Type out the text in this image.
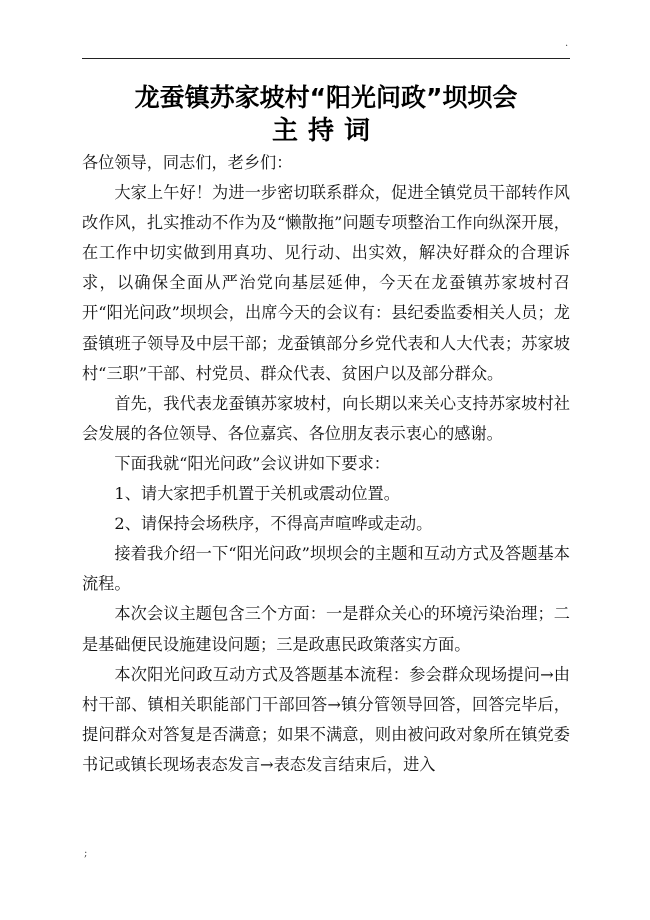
.
龙蚕镇苏家坡村“阳光问政”坝坝会
主持词

各位领导，同志们，老乡们：

大家上午好！为进一步密切联系群众，促进全镇党员干部转作风改作风，扎实推动不作为及“懒散拖”问题专项整治工作向纵深开展，在工作中切实做到用真功、见行动、出实效，解决好群众的合理诉求，以确保全面从严治党向基层延伸，今天在龙蚕镇苏家坡村召开“阳光问政”坝坝会，出席今天的会议有：县纪委监委相关人员；龙蚕镇班子领导及中层干部；龙蚕镇部分乡党代表和人大代表；苏家坡村“三职”干部、村党员、群众代表、贫困户以及部分群众。

首先，我代表龙蚕镇苏家坡村，向长期以来关心支持苏家坡村社会发展的各位领导、各位嘉宾、各位朋友表示衷心的感谢。

下面我就“阳光问政”会议讲如下要求：

1、请大家把手机置于关机或震动位置。

2、请保持会场秩序，不得高声喧哗或走动。

接着我介绍一下“阳光问政”坝坝会的主题和互动方式及答题基本流程。

本次会议主题包含三个方面：一是群众关心的环境污染治理；二是基础便民设施建设问题；三是政惠民政策落实方面。

本次阳光问政互动方式及答题基本流程：参会群众现场提问→由村干部、镇相关职能部门干部回答→镇分管领导回答，回答完毕后，提问群众对答复是否满意；如果不满意，则由被问政对象所在镇党委书记或镇长现场表态发言→表态发言结束后，进入

;
